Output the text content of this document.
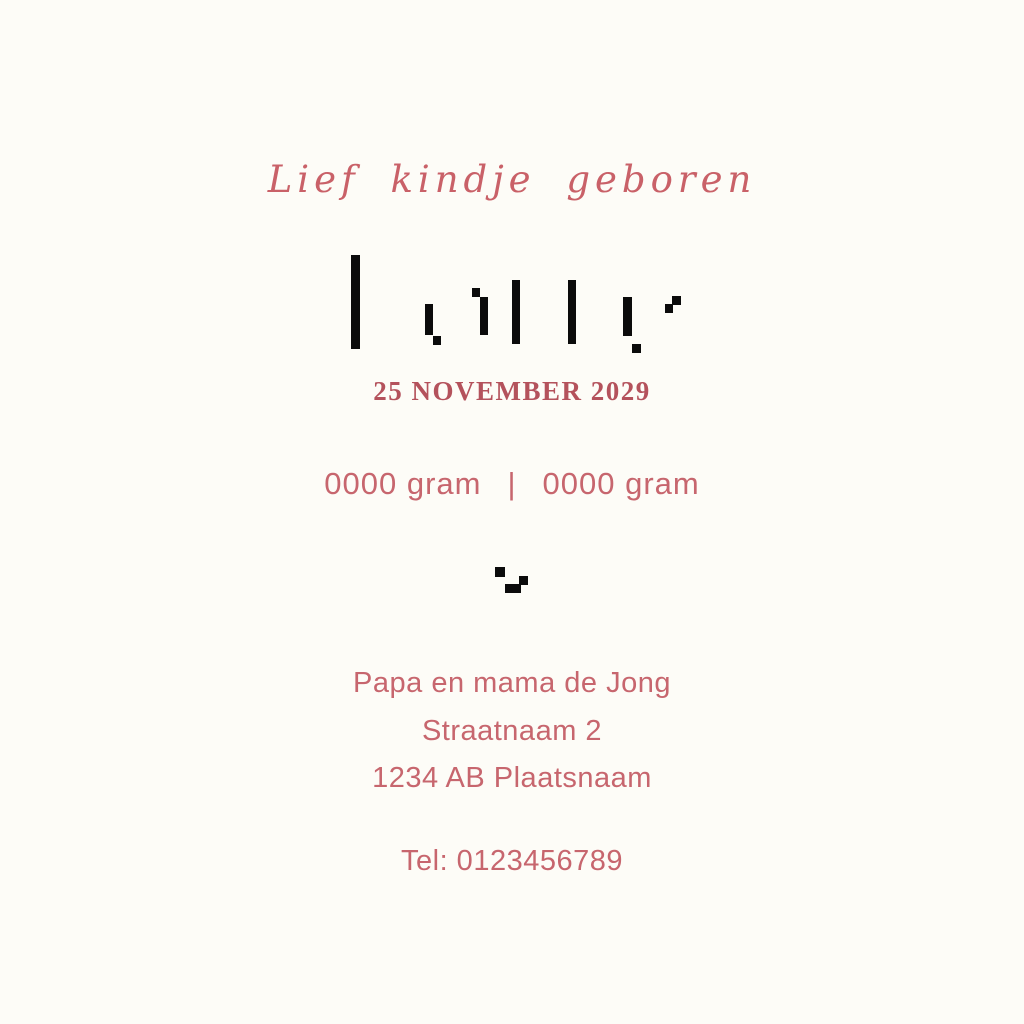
Lief kindje geboren
25 NOVEMBER 2029
0000 gram | 0000 gram
Papa en mama de Jong
Straatnaam 2
1234 AB Plaatsnaam
Tel: 0123456789
